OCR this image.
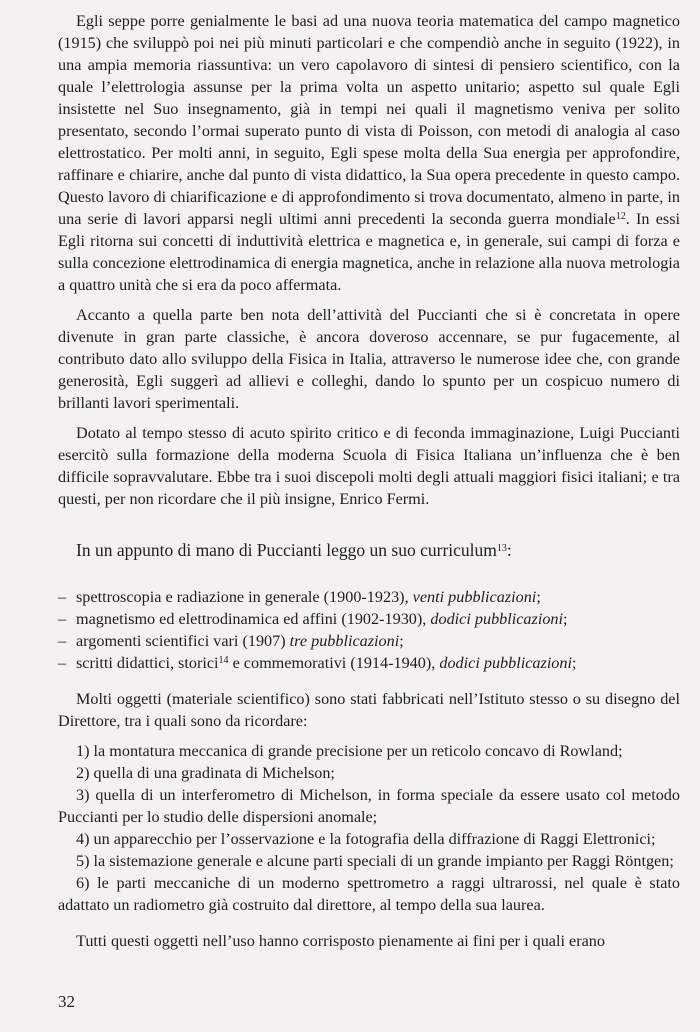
Egli seppe porre genialmente le basi ad una nuova teoria matematica del campo magnetico (1915) che sviluppò poi nei più minuti particolari e che compendiò anche in seguito (1922), in una ampia memoria riassuntiva: un vero capolavoro di sintesi di pensiero scientifico, con la quale l’elettrologia assunse per la prima volta un aspetto unitario; aspetto sul quale Egli insistette nel Suo insegnamento, già in tempi nei quali il magnetismo veniva per solito presentato, secondo l’ormai superato punto di vista di Poisson, con metodi di analogia al caso elettrostatico. Per molti anni, in seguito, Egli spese molta della Sua energia per approfondire, raffinare e chiarire, anche dal punto di vista didattico, la Sua opera precedente in questo campo. Questo lavoro di chiarificazione e di approfondimento si trova documentato, almeno in parte, in una serie di lavori apparsi negli ultimi anni precedenti la seconda guerra mondiale$^{12}$. In essi Egli ritorna sui concetti di induttività elettrica e magnetica e, in generale, sui campi di forza e sulla concezione elettrodinamica di energia magnetica, anche in relazione alla nuova metrologia a quattro unità che si era da poco affermata.

Accanto a quella parte ben nota dell’attività del Puccianti che si è concretata in opere divenute in gran parte classiche, è ancora doveroso accennare, se pur fugacemente, al contributo dato allo sviluppo della Fisica in Italia, attraverso le numerose idee che, con grande generosità, Egli suggerì ad allievi e colleghi, dando lo spunto per un cospicuo numero di brillanti lavori sperimentali.

Dotato al tempo stesso di acuto spirito critico e di feconda immaginazione, Luigi Puccianti esercitò sulla formazione della moderna Scuola di Fisica Italiana un’influenza che è ben difficile sopravvalutare. Ebbe tra i suoi discepoli molti degli attuali maggiori fisici italiani; e tra questi, per non ricordare che il più insigne, Enrico Fermi.

In un appunto di mano di Puccianti leggo un suo curriculum$^{13}$:

– spettroscopia e radiazione in generale (1900-1923), venti pubblicazioni;
– magnetismo ed elettrodinamica ed affini (1902-1930), dodici pubblicazioni;
– argomenti scientifici vari (1907) tre pubblicazioni;
– scritti didattici, storici$^{14}$ e commemorativi (1914-1940), dodici pubblicazioni;

Molti oggetti (materiale scientifico) sono stati fabbricati nell’Istituto stesso o su disegno del Direttore, tra i quali sono da ricordare:

1) la montatura meccanica di grande precisione per un reticolo concavo di Rowland;

2) quella di una gradinata di Michelson;

3) quella di un interferometro di Michelson, in forma speciale da essere usato col metodo Puccianti per lo studio delle dispersioni anomale;

4) un apparecchio per l’osservazione e la fotografia della diffrazione di Raggi Elettronici;

5) la sistemazione generale e alcune parti speciali di un grande impianto per Raggi Röntgen;

6) le parti meccaniche di un moderno spettrometro a raggi ultrarossi, nel quale è stato adattato un radiometro già costruito dal direttore, al tempo della sua laurea.

Tutti questi oggetti nell’uso hanno corrisposto pienamente ai fini per i quali erano

32
